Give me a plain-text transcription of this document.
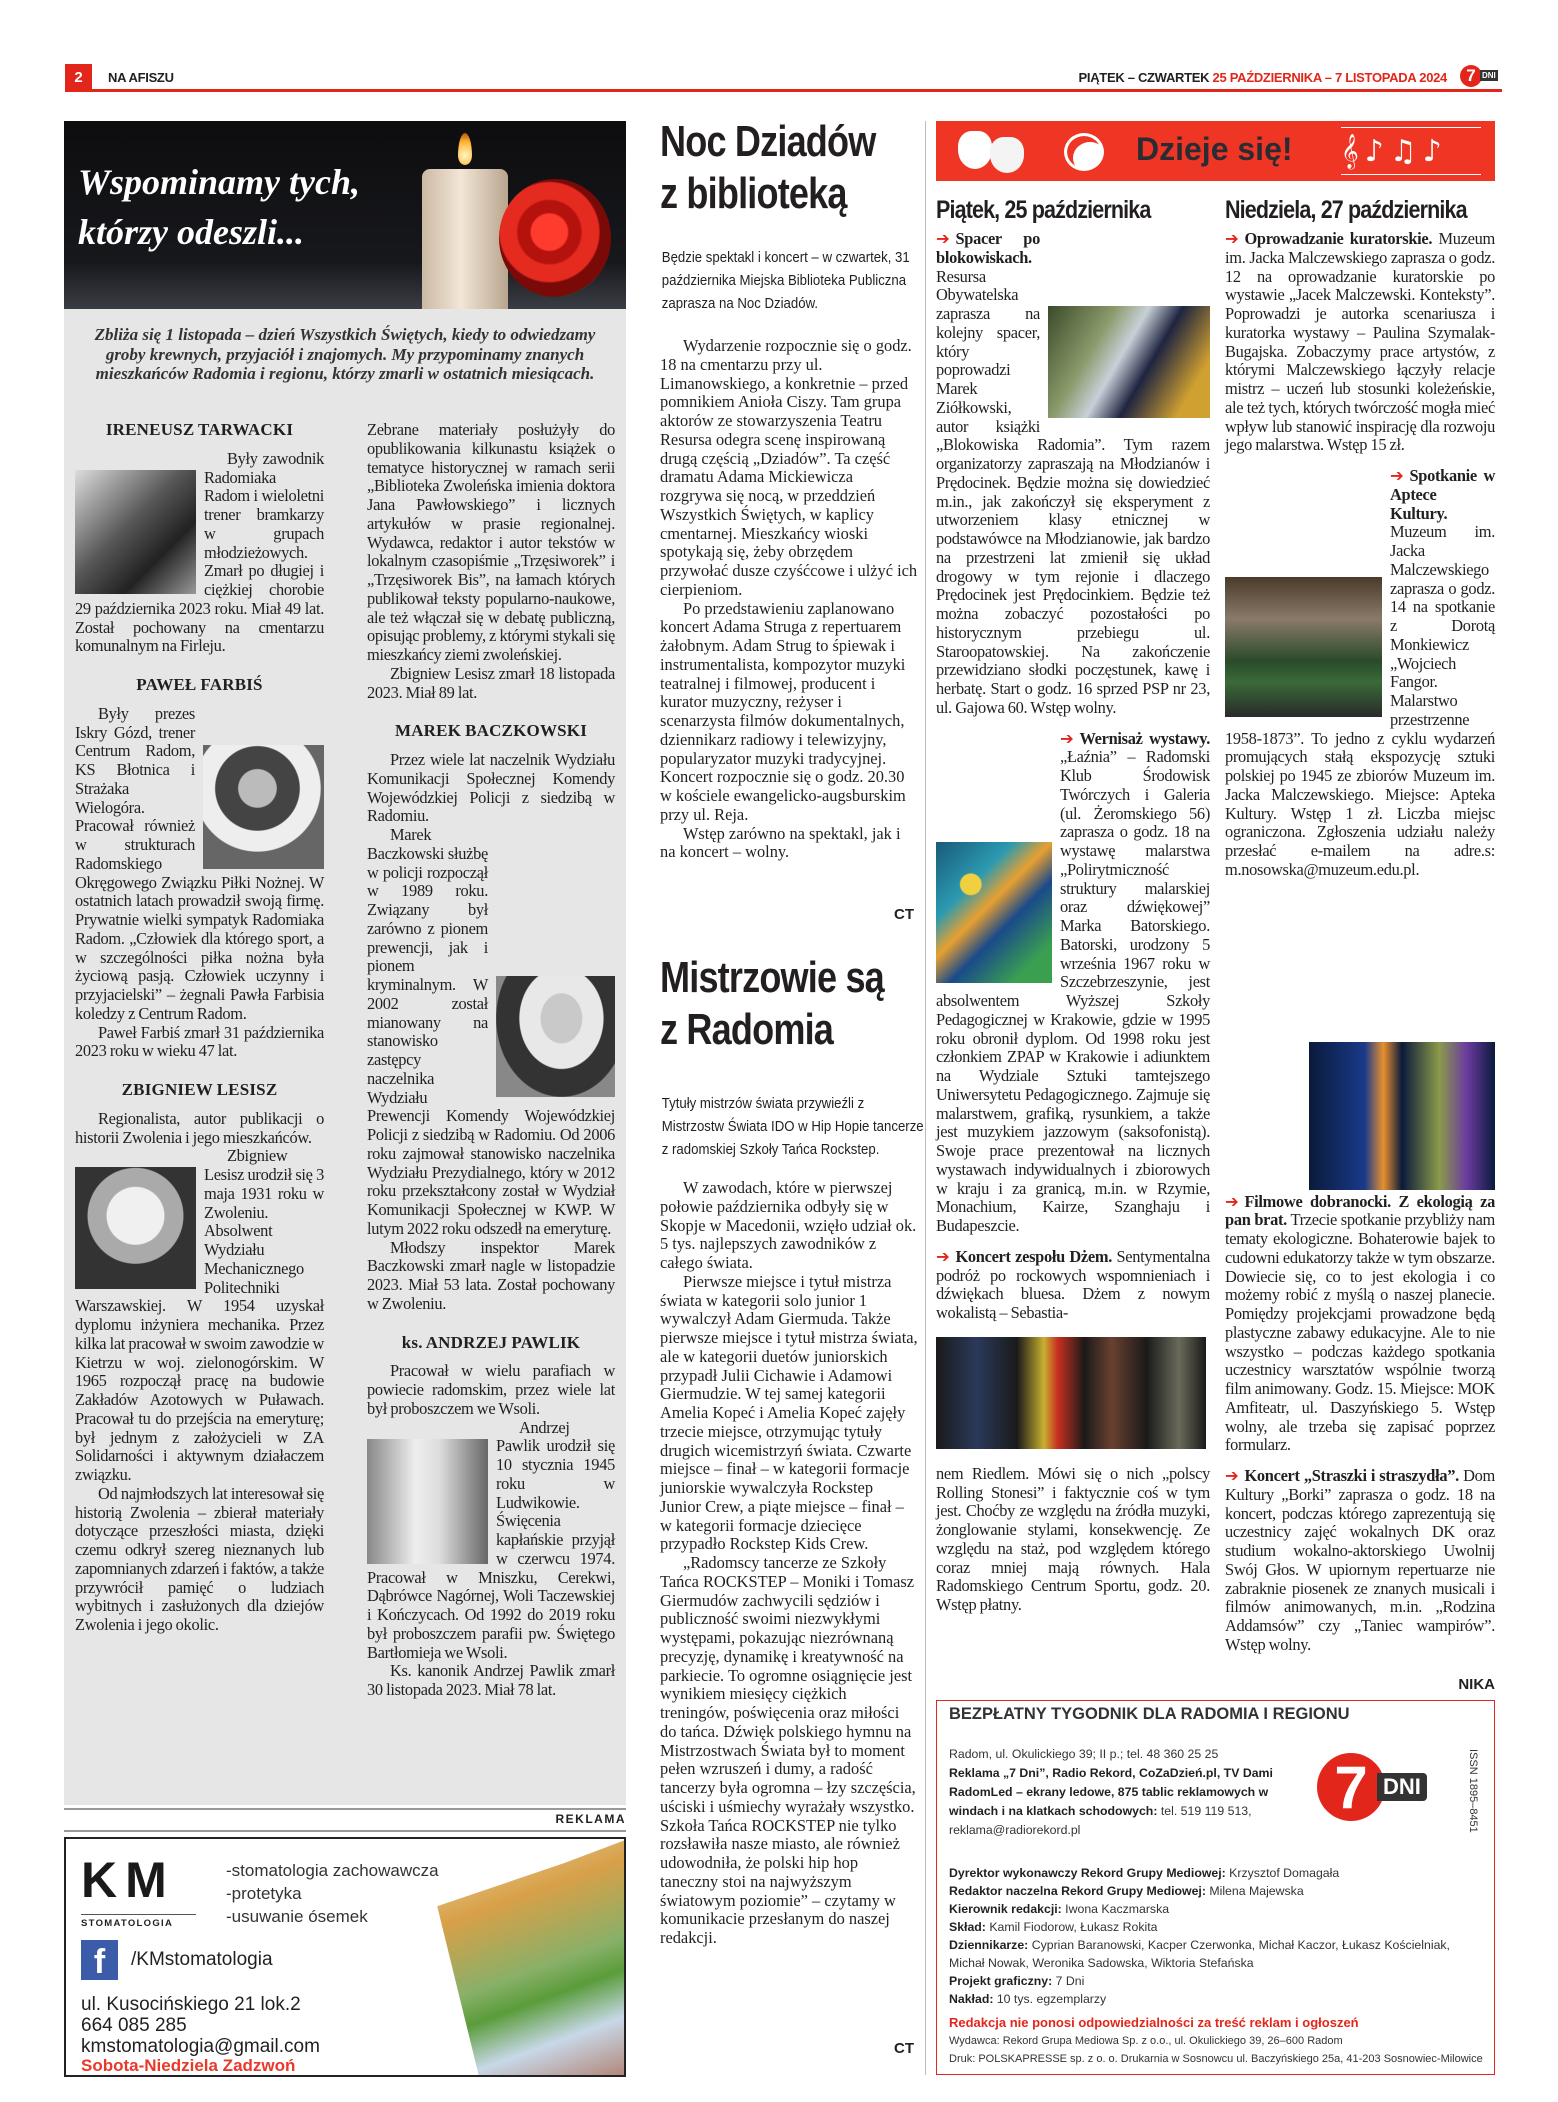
2	NA AFISZU	PIĄTEK – CZWARTEK 25 PAŹDZIERNIKA – 7 LISTOPADA 2024	7 DNI
Wspominamy tych,
którzy odeszli...
Zbliża się 1 listopada – dzień Wszystkich Świętych, kiedy to odwiedzamy groby krewnych, przyjaciół i znajomych. My przypominamy znanych mieszkańców Radomia i regionu, którzy zmarli w ostatnich miesiącach.
IRENEUSZ TARWACKI

Były zawodnik Radomiaka Radom i wieloletni trener bramkarzy w grupach młodzieżowych. Zmarł po długiej i ciężkiej chorobie 29 października 2023 roku. Miał 49 lat. Został pochowany na cmentarzu komunalnym na Firleju.

PAWEŁ FARBIŚ

Były prezes Iskry Gózd, trener Centrum Radom, KS Błotnica i Strażaka Wielogóra. Pracował również w strukturach Radomskiego Okręgowego Związku Piłki Nożnej. W ostatnich latach prowadził swoją firmę. Prywatnie wielki sympatyk Radomiaka Radom. „Człowiek dla którego sport, a w szczególności piłka nożna była życiową pasją. Człowiek uczynny i przyjacielski” – żegnali Pawła Farbisia koledzy z Centrum Radom.

Paweł Farbiś zmarł 31 października 2023 roku w wieku 47 lat.

ZBIGNIEW LESISZ

Regionalista, autor publikacji o historii Zwolenia i jego mieszkańców.

Zbigniew Lesisz urodził się 3 maja 1931 roku w Zwoleniu. Absolwent Wydziału Mechanicznego Politechniki Warszawskiej. W 1954 uzyskał dyplomu inżyniera mechanika. Przez kilka lat pracował w swoim zawodzie w Kietrzu w woj. zielonogórskim. W 1965 rozpoczął pracę na budowie Zakładów Azotowych w Puławach. Pracował tu do przejścia na emeryturę; był jednym z założycieli w ZA Solidarności i aktywnym działaczem związku.

Od najmłodszych lat interesował się historią Zwolenia – zbierał materiały dotyczące przeszłości miasta, dzięki czemu odkrył szereg nieznanych lub zapomnianych zdarzeń i faktów, a także przywrócił pamięć o ludziach wybitnych i zasłużonych dla dziejów Zwolenia i jego okolic.

Zebrane materiały posłużyły do opublikowania kilkunastu książek o tematyce historycznej w ramach serii „Biblioteka Zwoleńska imienia doktora Jana Pawłowskiego” i licznych artykułów w prasie regionalnej. Wydawca, redaktor i autor tekstów w lokalnym czasopiśmie „Trzęsiworek” i „Trzęsiworek Bis”, na łamach których publikował teksty popularno-naukowe, ale też włączał się w debatę publiczną, opisując problemy, z którymi stykali się mieszkańcy ziemi zwoleńskiej.

Zbigniew Lesisz zmarł 18 listopada 2023. Miał 89 lat.

MAREK BACZKOWSKI

Przez wiele lat naczelnik Wydziału Komunikacji Społecznej Komendy Wojewódzkiej Policji z siedzibą w Radomiu.

Marek Baczkowski służbę w policji rozpoczął w 1989 roku. Związany był zarówno z pionem prewencji, jak i pionem kryminalnym. W 2002 został mianowany na stanowisko zastępcy naczelnika Wydziału Prewencji Komendy Wojewódzkiej Policji z siedzibą w Radomiu. Od 2006 roku zajmował stanowisko naczelnika Wydziału Prezydialnego, który w 2012 roku przekształcony został w Wydział Komunikacji Społecznej w KWP. W lutym 2022 roku odszedł na emeryturę.

Młodszy inspektor Marek Baczkowski zmarł nagle w listopadzie 2023. Miał 53 lata. Został pochowany w Zwoleniu.

ks. ANDRZEJ PAWLIK

Pracował w wielu parafiach w powiecie radomskim, przez wiele lat był proboszczem we Wsoli.

Andrzej Pawlik urodził się 10 stycznia 1945 roku w Ludwikowie. Święcenia kapłańskie przyjął w czerwcu 1974. Pracował w Mniszku, Cerekwi, Dąbrówce Nagórnej, Woli Taczewskiej i Kończycach. Od 1992 do 2019 roku był proboszczem parafii pw. Świętego Bartłomieja we Wsoli.

Ks. kanonik Andrzej Pawlik zmarł 30 listopada 2023. Miał 78 lat.

REKLAMA
KM
STOMATOLOGIA
-stomatologia zachowawcza
-protetyka
-usuwanie ósemek
f	/KMstomatologia
ul. Kusocińskiego 21 lok.2
664 085 285
kmstomatologia@gmail.com
Sobota-Niedziela Zadzwoń
Noc Dziadów
z biblioteką
Będzie spektakl i koncert – w czwartek, 31 października Miejska Biblioteka Publiczna zaprasza na Noc Dziadów.

Wydarzenie rozpocznie się o godz. 18 na cmentarzu przy ul. Limanowskiego, a konkretnie – przed pomnikiem Anioła Ciszy. Tam grupa aktorów ze stowarzyszenia Teatru Resursa odegra scenę inspirowaną drugą częścią „Dziadów”. Ta część dramatu Adama Mickiewicza rozgrywa się nocą, w przeddzień Wszystkich Świętych, w kaplicy cmentarnej. Mieszkańcy wioski spotykają się, żeby obrzędem przywołać dusze czyśćcowe i ulżyć ich cierpieniom.

Po przedstawieniu zaplanowano koncert Adama Struga z repertuarem żałobnym. Adam Strug to śpiewak i instrumentalista, kompozytor muzyki teatralnej i filmowej, producent i kurator muzyczny, reżyser i scenarzysta filmów dokumentalnych, dziennikarz radiowy i telewizyjny, popularyzator muzyki tradycyjnej. Koncert rozpocznie się o godz. 20.30 w kościele ewangelicko-augsburskim przy ul. Reja.

Wstęp zarówno na spektakl, jak i na koncert – wolny.

CT
Mistrzowie są
z Radomia
Tytuły mistrzów świata przywieźli z Mistrzostw Świata IDO w Hip Hopie tancerze z radomskiej Szkoły Tańca Rockstep.

W zawodach, które w pierwszej połowie października odbyły się w Skopje w Macedonii, wzięło udział ok. 5 tys. najlepszych zawodników z całego świata.

Pierwsze miejsce i tytuł mistrza świata w kategorii solo junior 1 wywalczył Adam Giermuda. Także pierwsze miejsce i tytuł mistrza świata, ale w kategorii duetów juniorskich przypadł Julii Cichawie i Adamowi Giermudzie. W tej samej kategorii Amelia Kopeć i Amelia Kopeć zajęły trzecie miejsce, otrzymując tytuły drugich wicemistrzyń świata. Czwarte miejsce – finał – w kategorii formacje juniorskie wywalczyła Rockstep Junior Crew, a piąte miejsce – finał – w kategorii formacje dziecięce przypadło Rockstep Kids Crew.

„Radomscy tancerze ze Szkoły Tańca ROCKSTEP – Moniki i Tomasz Giermudów zachwycili sędziów i publiczność swoimi niezwykłymi występami, pokazując niezrównaną precyzję, dynamikę i kreatywność na parkiecie. To ogromne osiągnięcie jest wynikiem miesięcy ciężkich treningów, poświęcenia oraz miłości do tańca. Dźwięk polskiego hymnu na Mistrzostwach Świata był to moment pełen wzruszeń i dumy, a radość tancerzy była ogromna – łzy szczęścia, uściski i uśmiechy wyrażały wszystko. Szkoła Tańca ROCKSTEP nie tylko rozsławiła nasze miasto, ale również udowodniła, że polski hip hop taneczny stoi na najwyższym światowym poziomie” – czytamy w komunikacie przesłanym do naszej redakcji.

CT
Dzieje się! 𝄞♪♫♪
Piątek, 25 października	Niedziela, 27 października
➔ Spacer po blokowiskach. Resursa Obywatelska zaprasza na kolejny spacer, który poprowadzi Marek Ziółkowski, autor książki „Blokowiska Radomia”. Tym razem organizatorzy zapraszają na Młodzianów i Prędocinek. Będzie można się dowiedzieć m.in., jak zakończył się eksperyment z utworzeniem klasy etnicznej w podstawówce na Młodzianowie, jak bardzo na przestrzeni lat zmienił się układ drogowy w tym rejonie i dlaczego Prędocinek jest Prędocinkiem. Będzie też można zobaczyć pozostałości po historycznym przebiegu ul. Staroopatowskiej. Na zakończenie przewidziano słodki poczęstunek, kawę i herbatę. Start o godz. 16 sprzed PSP nr 23, ul. Gajowa 60. Wstęp wolny.
➔ Wernisaż wystawy. „Łaźnia” – Radomski Klub Środowisk Twórczych i Galeria (ul. Żeromskiego 56) zaprasza o godz. 18 na wystawę malarstwa „Polirytmiczność struktury malarskiej oraz dźwiękowej” Marka Batorskiego. Batorski, urodzony 5 września 1967 roku w Szczebrzeszynie, jest absolwentem Wyższej Szkoły Pedagogicznej w Krakowie, gdzie w 1995 roku obronił dyplom. Od 1998 roku jest członkiem ZPAP w Krakowie i adiunktem na Wydziale Sztuki tamtejszego Uniwersytetu Pedagogicznego. Zajmuje się malarstwem, grafiką, rysunkiem, a także jest muzykiem jazzowym (saksofonistą). Swoje prace prezentował na licznych wystawach indywidualnych i zbiorowych w kraju i za granicą, m.in. w Rzymie, Monachium, Kairze, Szanghaju i Budapeszcie.
➔ Koncert zespołu Dżem. Sentymentalna podróż po rockowych wspomnieniach i dźwiękach bluesa. Dżem z nowym wokalistą – Sebastia-
nem Riedlem. Mówi się o nich „polscy Rolling Stonesi” i faktycznie coś w tym jest. Choćby ze względu na źródła muzyki, żonglowanie stylami, konsekwencję. Ze względu na staż, pod względem którego coraz mniej mają równych. Hala Radomskiego Centrum Sportu, godz. 20. Wstęp płatny.
➔ Oprowadzanie kuratorskie. Muzeum im. Jacka Malczewskiego zaprasza o godz. 12 na oprowadzanie kuratorskie po wystawie „Jacek Malczewski. Konteksty”. Poprowadzi je autorka scenariusza i kuratorka wystawy – Paulina Szymalak-Bugajska. Zobaczymy prace artystów, z którymi Malczewskiego łączyły relacje mistrz – uczeń lub stosunki koleżeńskie, ale też tych, których twórczość mogła mieć wpływ lub stanowić inspirację dla rozwoju jego malarstwa. Wstęp 15 zł.
➔ Spotkanie w Aptece Kultury. Muzeum im. Jacka Malczewskiego zaprasza o godz. 14 na spotkanie z Dorotą Monkiewicz „Wojciech Fangor. Malarstwo przestrzenne 1958-1873”. To jedno z cyklu wydarzeń promujących stałą ekspozycję sztuki polskiej po 1945 ze zbiorów Muzeum im. Jacka Malczewskiego. Miejsce: Apteka Kultury. Wstęp 1 zł. Liczba miejsc ograniczona. Zgłoszenia udziału należy przesłać e-mailem na adre.s: m.nosowska@muzeum.edu.pl.
➔ Filmowe dobranocki. Z ekologią za pan brat. Trzecie spotkanie przybliży nam tematy ekologiczne. Bohaterowie bajek to cudowni edukatorzy także w tym obszarze. Dowiecie się, co to jest ekologia i co możemy robić z myślą o naszej planecie. Pomiędzy projekcjami prowadzone będą plastyczne zabawy edukacyjne. Ale to nie wszystko – podczas każdego spotkania uczestnicy warsztatów wspólnie tworzą film animowany. Godz. 15. Miejsce: MOK Amfiteatr, ul. Daszyńskiego 5. Wstęp wolny, ale trzeba się zapisać poprzez formularz.
➔ Koncert „Straszki i straszydła”. Dom Kultury „Borki” zaprasza o godz. 18 na koncert, podczas którego zaprezentują się uczestnicy zajęć wokalnych DK oraz studium wokalno-aktorskiego Uwolnij Swój Głos. W upiornym repertuarze nie zabraknie piosenek ze znanych musicali i filmów animowanych, m.in. „Rodzina Addamsów” czy „Taniec wampirów”. Wstęp wolny.
NIKA
BEZPŁATNY TYGODNIK DLA RADOMIA I REGIONU
Radom, ul. Okulickiego 39; II p.; tel. 48 360 25 25
Reklama „7 Dni”, Radio Rekord, CoZaDzień.pl, TV Dami RadomLed – ekrany ledowe, 875 tablic reklamowych w windach i na klatkach schodowych: tel. 519 119 513, reklama@radiorekord.pl
7 DNI	ISSN 1895–8451
Dyrektor wykonawczy Rekord Grupy Mediowej: Krzysztof Domagała
Redaktor naczelna Rekord Grupy Mediowej: Milena Majewska
Kierownik redakcji: Iwona Kaczmarska
Skład: Kamil Fiodorow, Łukasz Rokita
Dziennikarze: Cyprian Baranowski, Kacper Czerwonka, Michał Kaczor, Łukasz Kościelniak, Michał Nowak, Weronika Sadowska, Wiktoria Stefańska
Projekt graficzny: 7 Dni
Nakład: 10 tys. egzemplarzy
Redakcja nie ponosi odpowiedzialności za treść reklam i ogłoszeń
Wydawca: Rekord Grupa Mediowa Sp. z o.o., ul. Okulickiego 39, 26–600 Radom
Druk: POLSKAPRESSE sp. z o. o. Drukarnia w Sosnowcu ul. Baczyńskiego 25a, 41-203 Sosnowiec-Milowice
